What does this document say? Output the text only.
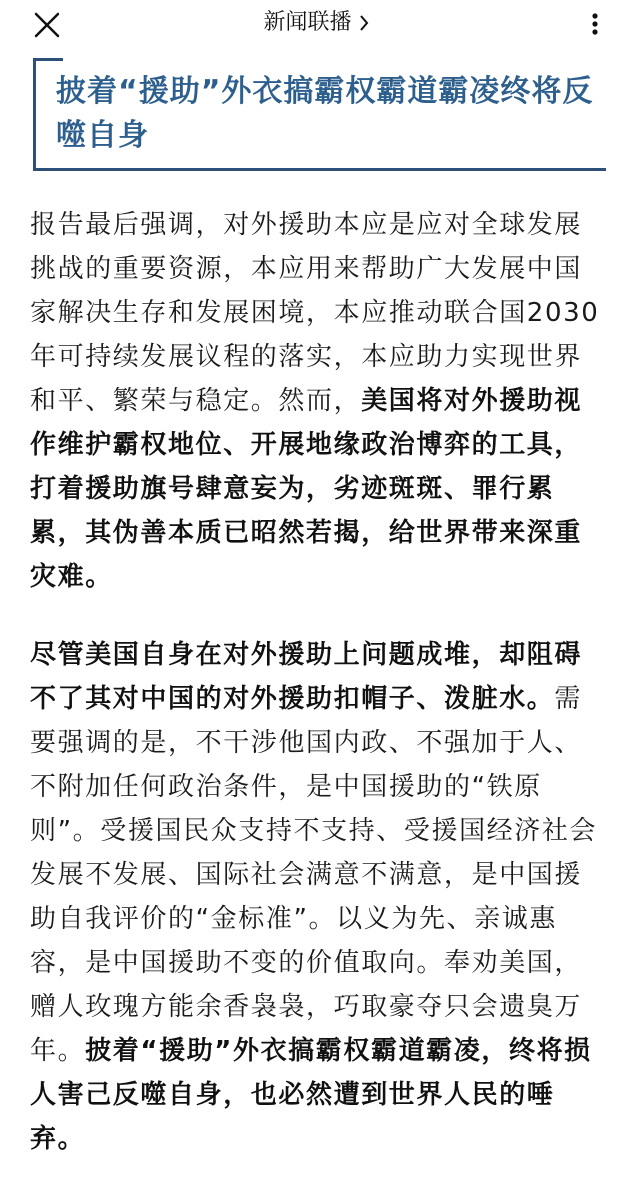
新闻联播
披着“援助”外衣搞霸权霸道霸凌终将反噬自身
报告最后强调，对外援助本应是应对全球发展挑战的重要资源，本应用来帮助广大发展中国家解决生存和发展困境，本应推动联合国2030年可持续发展议程的落实，本应助力实现世界和平、繁荣与稳定。然而，美国将对外援助视作维护霸权地位、开展地缘政治博弈的工具，打着援助旗号肆意妄为，劣迹斑斑、罪行累累，其伪善本质已昭然若揭，给世界带来深重灾难。
尽管美国自身在对外援助上问题成堆，却阻碍不了其对中国的对外援助扣帽子、泼脏水。需要强调的是，不干涉他国内政、不强加于人、不附加任何政治条件，是中国援助的“铁原则”。受援国民众支持不支持、受援国经济社会发展不发展、国际社会满意不满意，是中国援助自我评价的“金标准”。以义为先、亲诚惠容，是中国援助不变的价值取向。奉劝美国，赠人玫瑰方能余香袅袅，巧取豪夺只会遗臭万年。披着“援助”外衣搞霸权霸道霸凌，终将损人害己反噬自身，也必然遭到世界人民的唾弃。
